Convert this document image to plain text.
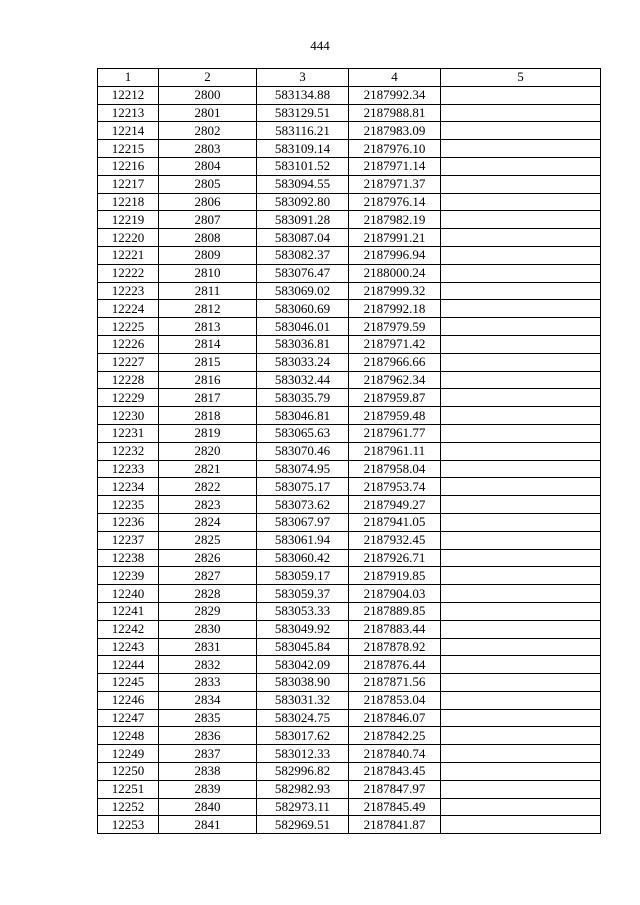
444
1	2	3	4	5
12212	2800	583134.88	2187992.34	
12213	2801	583129.51	2187988.81	
12214	2802	583116.21	2187983.09	
12215	2803	583109.14	2187976.10	
12216	2804	583101.52	2187971.14	
12217	2805	583094.55	2187971.37	
12218	2806	583092.80	2187976.14	
12219	2807	583091.28	2187982.19	
12220	2808	583087.04	2187991.21	
12221	2809	583082.37	2187996.94	
12222	2810	583076.47	2188000.24	
12223	2811	583069.02	2187999.32	
12224	2812	583060.69	2187992.18	
12225	2813	583046.01	2187979.59	
12226	2814	583036.81	2187971.42	
12227	2815	583033.24	2187966.66	
12228	2816	583032.44	2187962.34	
12229	2817	583035.79	2187959.87	
12230	2818	583046.81	2187959.48	
12231	2819	583065.63	2187961.77	
12232	2820	583070.46	2187961.11	
12233	2821	583074.95	2187958.04	
12234	2822	583075.17	2187953.74	
12235	2823	583073.62	2187949.27	
12236	2824	583067.97	2187941.05	
12237	2825	583061.94	2187932.45	
12238	2826	583060.42	2187926.71	
12239	2827	583059.17	2187919.85	
12240	2828	583059.37	2187904.03	
12241	2829	583053.33	2187889.85	
12242	2830	583049.92	2187883.44	
12243	2831	583045.84	2187878.92	
12244	2832	583042.09	2187876.44	
12245	2833	583038.90	2187871.56	
12246	2834	583031.32	2187853.04	
12247	2835	583024.75	2187846.07	
12248	2836	583017.62	2187842.25	
12249	2837	583012.33	2187840.74	
12250	2838	582996.82	2187843.45	
12251	2839	582982.93	2187847.97	
12252	2840	582973.11	2187845.49	
12253	2841	582969.51	2187841.87	
